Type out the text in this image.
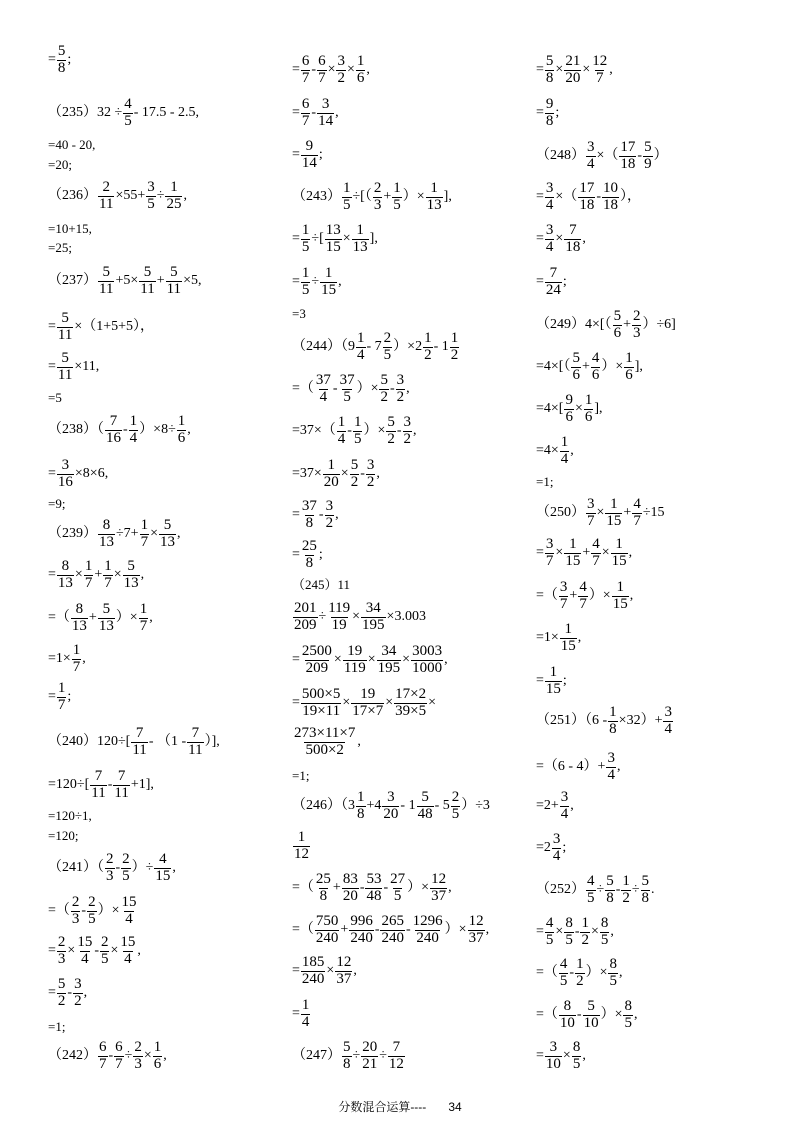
= $\frac{5}{8}$ ;
$(235)32 \div \frac{4}{5} - 17.5 - 2.5$,
=40 - 20,
=20;
$(236) \frac{2}{11} \times 55+ \frac{3}{5} \div \frac{1}{25}$ ,
=10+15,
=25;
$(237) \frac{5}{11} +5\times \frac{5}{11} + \frac{5}{11} \times 5$,
= $\frac{5}{11} \times(1+5+5)$，
= $\frac{5}{11} \times 11$,
=5
$(238)( \frac{7}{16} - \frac{1}{4} )\times 8\div \frac{1}{6}$ ,
= $\frac{3}{16} \times 8\times 6$,
=9;
$(239) \frac{8}{13} \div 7+ \frac{1}{7} \times \frac{5}{13}$ ,
= $\frac{8}{13} \times \frac{1}{7} + \frac{1}{7} \times \frac{5}{13}$ ,
=（ $\frac{8}{13} + \frac{5}{13}$ ）× $\frac{1}{7}$ ,
$=1\times \frac{1}{7}$ ,
= $\frac{1}{7}$ ;
$(240)120\div[ \frac{7}{11} - (1 - \frac{7}{11}$ ）],
$=120\div[ \frac{7}{11} - \frac{7}{11} +1]$,
=120÷1,
=120;
$(241)( \frac{2}{3} - \frac{2}{5}$ ）÷ $\frac{4}{15}$ ,
=（ $\frac{2}{3} - \frac{2}{5}$ ）× $\frac{15}{4}$
= $\frac{2}{3} \times \frac{15}{4} - \frac{2}{5} \times \frac{15}{4}$ ,
= $\frac{5}{2} - \frac{3}{2}$ ,
=1;
$(242) \frac{6}{7} - \frac{6}{7} \div \frac{2}{3} \times \frac{1}{6}$ ,
= $\frac{6}{7} - \frac{6}{7} \times \frac{3}{2} \times \frac{1}{6}$ ,
= $\frac{6}{7} - \frac{3}{14}$ ,
= $\frac{9}{14}$ ;
$(243) \frac{1}{5}$ ÷[（ $\frac{2}{3} + \frac{1}{5}$ ）× $\frac{1}{13}$ ],
= $\frac{1}{5}$ ÷[ $\frac{13}{15} \times \frac{1}{13}$ ],
= $\frac{1}{5} \div \frac{1}{15}$ ,
=3
$(244)(9 \frac{1}{4} - 7 \frac{2}{5} )\times 2 \frac{1}{2} - 1 \frac{1}{2}$
=（ $\frac{37}{4} - \frac{37}{5}$ ）× $\frac{5}{2} - \frac{3}{2}$ ,
$=37\times( \frac{1}{4} - \frac{1}{5}$ ）× $\frac{5}{2} - \frac{3}{2}$ ,
$=37\times \frac{1}{20} \times \frac{5}{2} - \frac{3}{2}$ ,
= $\frac{37}{8} - \frac{3}{2}$ ,
= $\frac{25}{8}$ ;
（245）11
$\frac{201}{209} \div \frac{119}{19} \times \frac{34}{195} \times 3.003$
= $\frac{2500}{209} \times \frac{19}{119} \times \frac{34}{195} \times \frac{3003}{1000}$ ,
= $\frac{500\times 5}{19\times 11} \times \frac{19}{17\times 7} \times \frac{17\times 2}{39\times 5}$ ×
$\frac{273\times 11\times 7}{500\times 2}$ ,
=1;
$(246)(3 \frac{1}{8} +4 \frac{3}{20} - 1 \frac{5}{48} - 5 \frac{2}{5} )\div 3$
$\frac{1}{12}$
=（ $\frac{25}{8} + \frac{83}{20} - \frac{53}{48} - \frac{27}{5}$ ）× $\frac{12}{37}$ ,
=（ $\frac{750}{240} + \frac{996}{240} - \frac{265}{240} - \frac{1296}{240}$ ）× $\frac{12}{37}$ ,
= $\frac{185}{240} \times \frac{12}{37}$ ,
= $\frac{1}{4}$
$(247) \frac{5}{8} \div \frac{20}{21} \div \frac{7}{12}$
= $\frac{5}{8} \times \frac{21}{20} \times \frac{12}{7}$ ,
= $\frac{9}{8}$ ;
$(248) \frac{3}{4}$ ×（ $\frac{17}{18} - \frac{5}{9}$ ）
= $\frac{3}{4}$ ×（ $\frac{17}{18} - \frac{10}{18}$ ），
= $\frac{3}{4} \times \frac{7}{18}$ ,
= $\frac{7}{24}$ ;
$(249)4\times[( \frac{5}{6} + \frac{2}{3} )\div 6]$
$=4\times[( \frac{5}{6} + \frac{4}{6}$ ）× $\frac{1}{6}$ ],
$=4\times[ \frac{9}{6} \times \frac{1}{6}$ ],
$=4\times \frac{1}{4}$ ,
=1;
$(250) \frac{3}{7} \times \frac{1}{15} + \frac{4}{7} \div 15$
= $\frac{3}{7} \times \frac{1}{15} + \frac{4}{7} \times \frac{1}{15}$ ,
=（ $\frac{3}{7} + \frac{4}{7}$ ）× $\frac{1}{15}$ ,
$=1\times \frac{1}{15}$ ,
= $\frac{1}{15}$ ;
$(251)(6 - \frac{1}{8} \times 32)+ \frac{3}{4}$
$=(6 - 4)+ \frac{3}{4}$ ,
$=2+ \frac{3}{4}$ ,
$=2 \frac{3}{4}$ ;
$(252) \frac{4}{5} \div \frac{5}{8} - \frac{1}{2} \div \frac{5}{8}$ .
= $\frac{4}{5} \times \frac{8}{5} - \frac{1}{2} \times \frac{8}{5}$ ,
=（ $\frac{4}{5} - \frac{1}{2}$ ）× $\frac{8}{5}$ ,
=（ $\frac{8}{10} - \frac{5}{10}$ ）× $\frac{8}{5}$ ,
= $\frac{3}{10} \times \frac{8}{5}$ ,
分数混合运算---- 34
